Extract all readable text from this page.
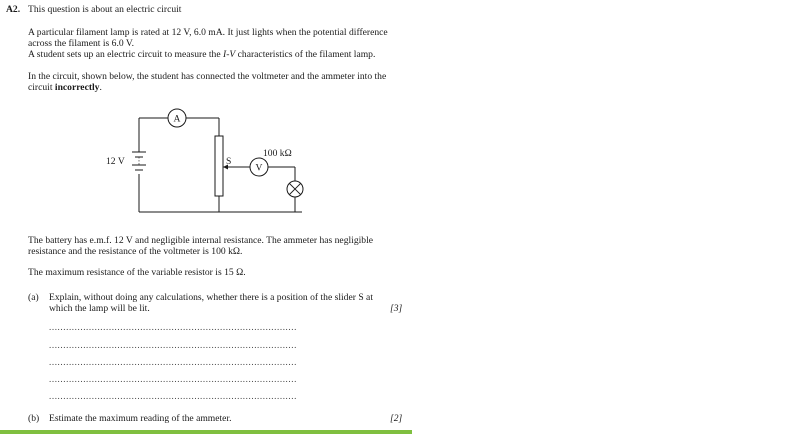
A2. This question is about an electric circuit
A particular filament lamp is rated at 12 V, 6.0 mA. It just lights when the potential difference
across the filament is 6.0 V.
A student sets up an electric circuit to measure the I-V characteristics of the filament lamp.
In the circuit, shown below, the student has connected the voltmeter and the ammeter into the
circuit incorrectly.
A
V
12 V	S
100 kΩ
The battery has e.m.f. 12 V and negligible internal resistance. The ammeter has negligible
resistance and the resistance of the voltmeter is 100 kΩ.
The maximum resistance of the variable resistor is 15 Ω.
(a) Explain, without doing any calculations, whether there is a position of the slider S at
which the lamp will be lit.	[3]
.......................................................................................
.......................................................................................
.......................................................................................
.......................................................................................
.......................................................................................
(b) Estimate the maximum reading of the ammeter.	[2]
